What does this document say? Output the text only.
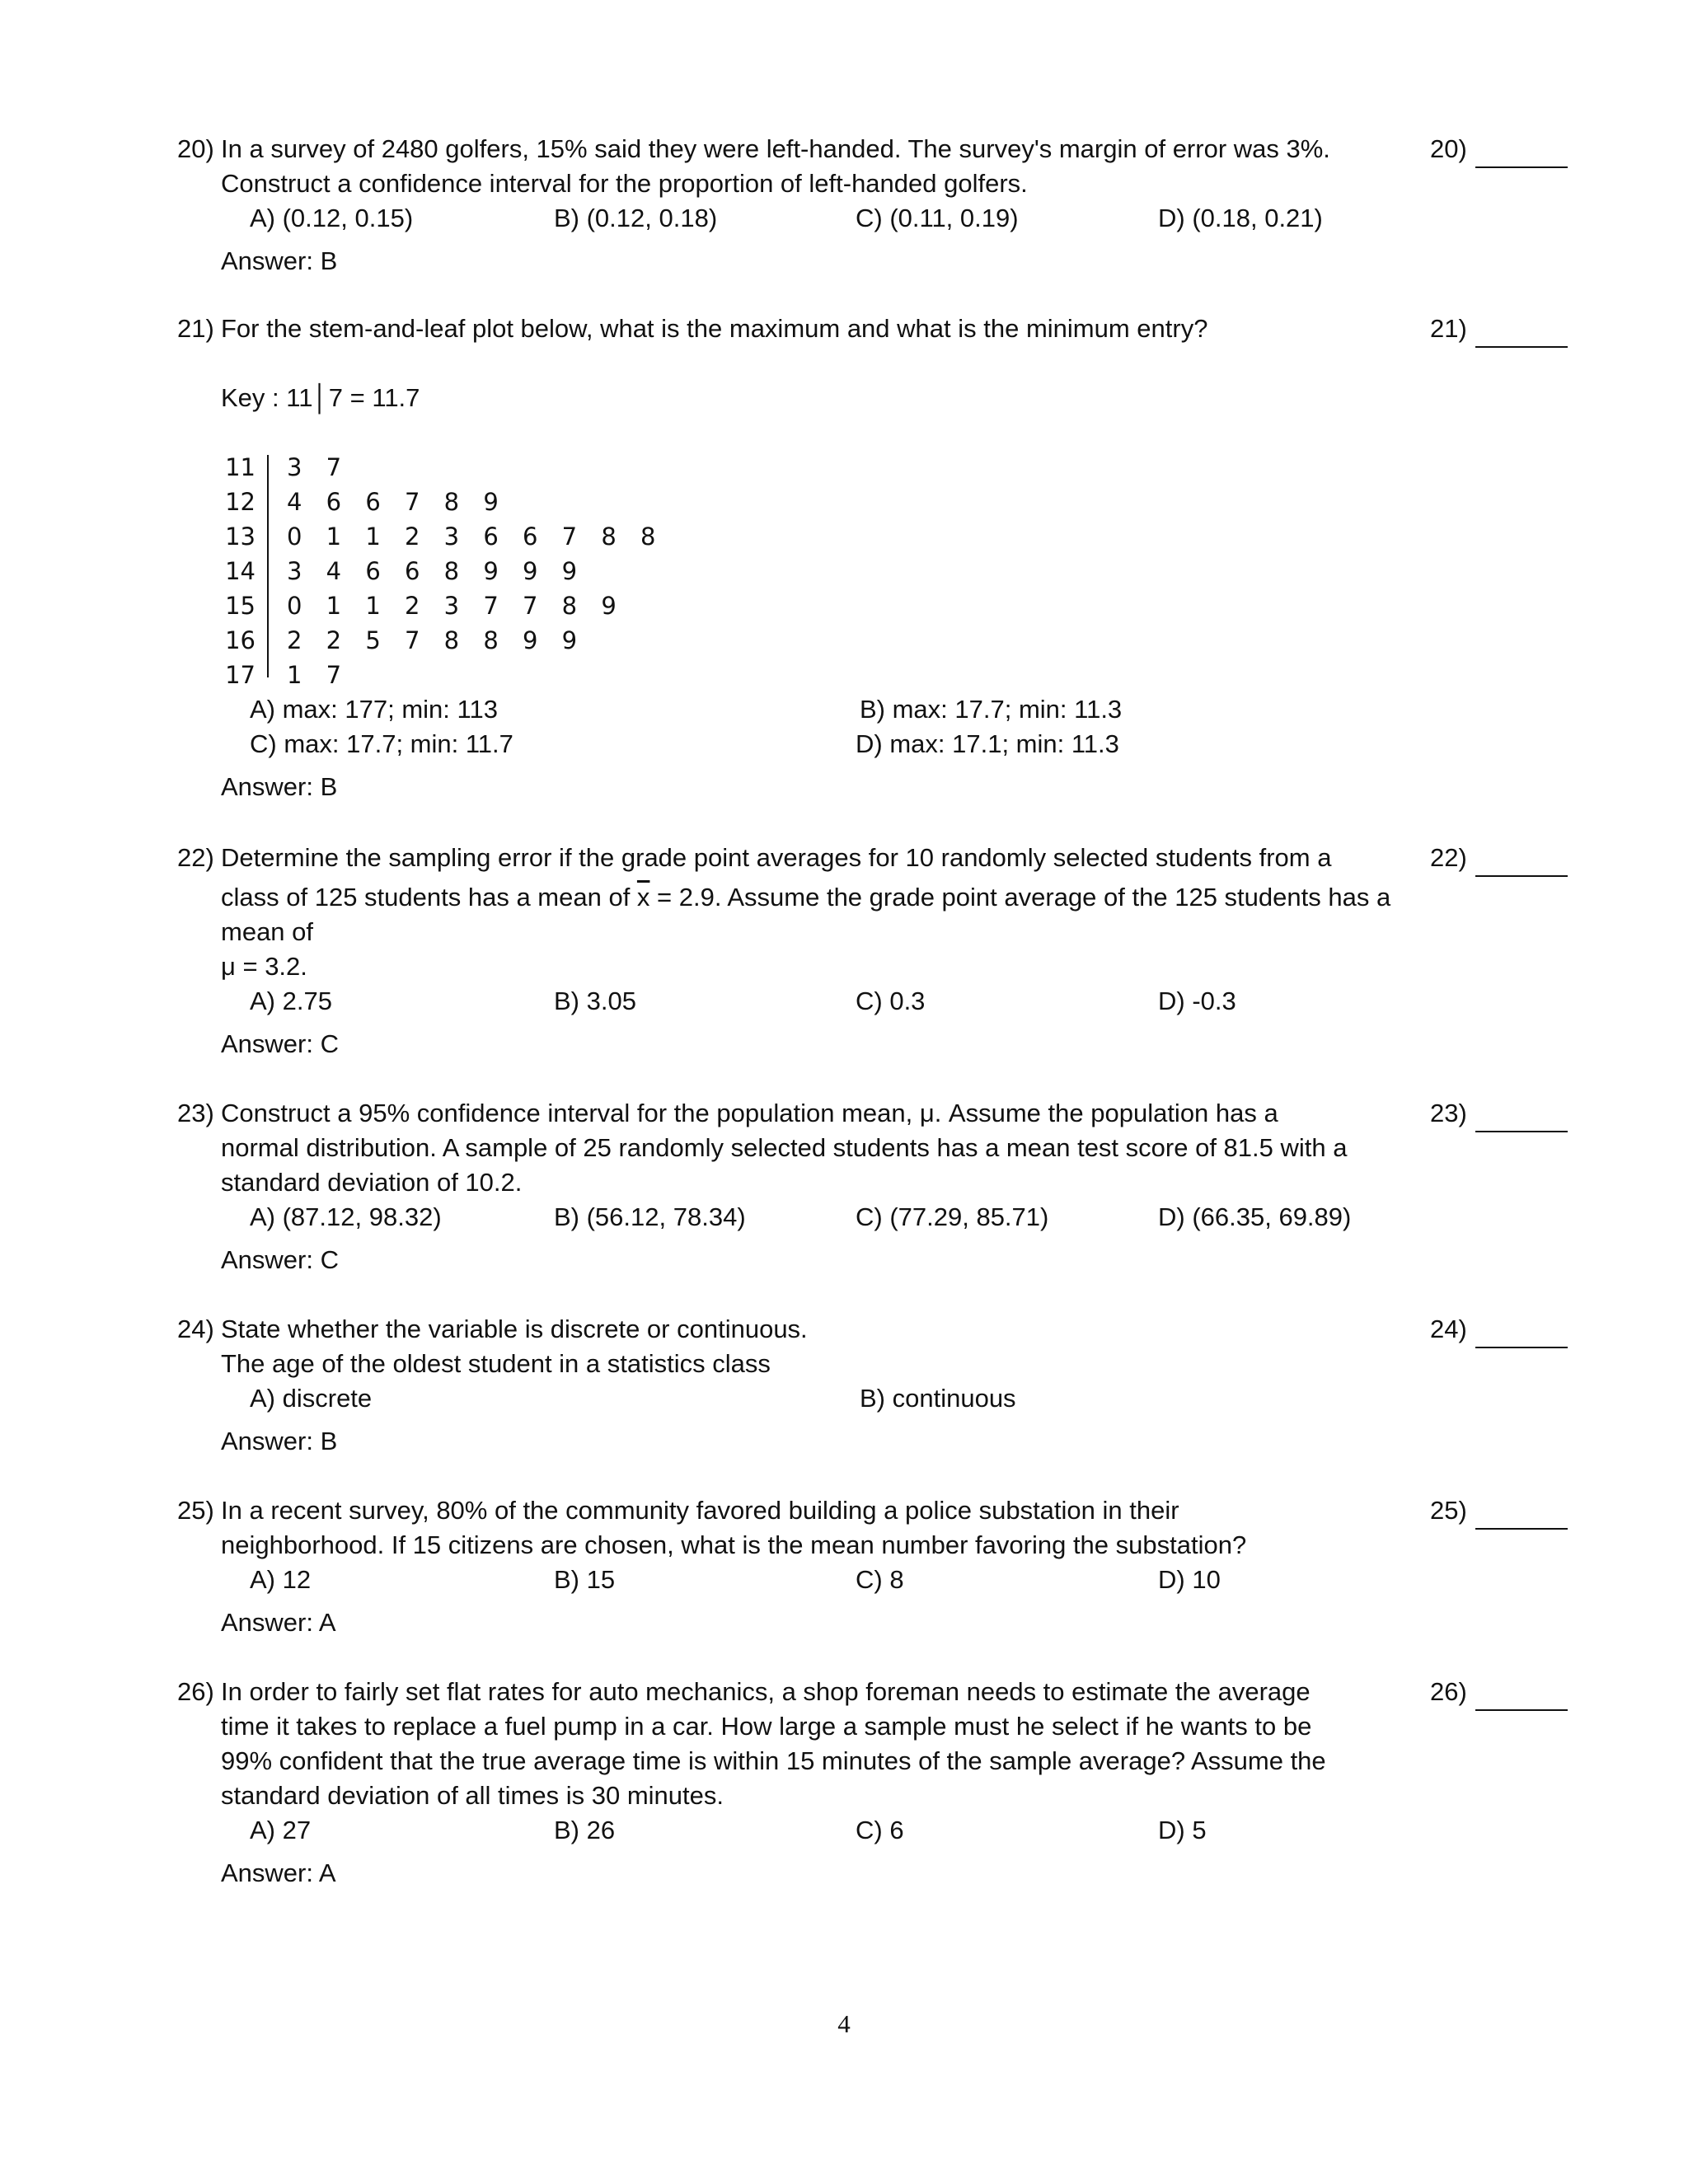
20) In a survey of 2480 golfers, 15% said they were left-handed. The survey's margin of error was 3%.
Construct a confidence interval for the proportion of left-handed golfers.
20)
A) (0.12, 0.15)	B) (0.12, 0.18)	C) (0.11, 0.19)	D) (0.18, 0.21)
Answer: B
21) For the stem-and-leaf plot below, what is the maximum and what is the minimum entry?	21)
Key : 11│7 = 11.7
11 3 7
12 4 6 6 7 8 9
13 0 1 1 2 3 6 6 7 8 8
14 3 4 6 6 8 9 9 9
15 0 1 1 2 3 7 7 8 9
16 2 2 5 7 8 8 9 9
17 1 7
A) max: 177; min: 113	B) max: 17.7; min: 11.3
C) max: 17.7; min: 11.7	D) max: 17.1; min: 11.3
Answer: B
22) Determine the sampling error if the grade point averages for 10 randomly selected students from a
class of 125 students has a mean of $\overline{x} = 2.9$. Assume the grade point average of the 125 students has a
mean of
μ = 3.2.
22)
A) 2.75	B) 3.05	C) 0.3	D) -0.3
Answer: C
23) Construct a 95% confidence interval for the population mean, μ. Assume the population has a
normal distribution. A sample of 25 randomly selected students has a mean test score of 81.5 with a
standard deviation of 10.2.
23)
A) (87.12, 98.32)	B) (56.12, 78.34)	C) (77.29, 85.71)	D) (66.35, 69.89)
Answer: C
24) State whether the variable is discrete or continuous.
The age of the oldest student in a statistics class
24)
A) discrete	B) continuous
Answer: B
25) In a recent survey, 80% of the community favored building a police substation in their
neighborhood. If 15 citizens are chosen, what is the mean number favoring the substation?
25)
A) 12	B) 15	C) 8	D) 10
Answer: A
26) In order to fairly set flat rates for auto mechanics, a shop foreman needs to estimate the average
time it takes to replace a fuel pump in a car. How large a sample must he select if he wants to be
99% confident that the true average time is within 15 minutes of the sample average? Assume the
standard deviation of all times is 30 minutes.
26)
A) 27	B) 26	C) 6	D) 5
Answer: A
4
